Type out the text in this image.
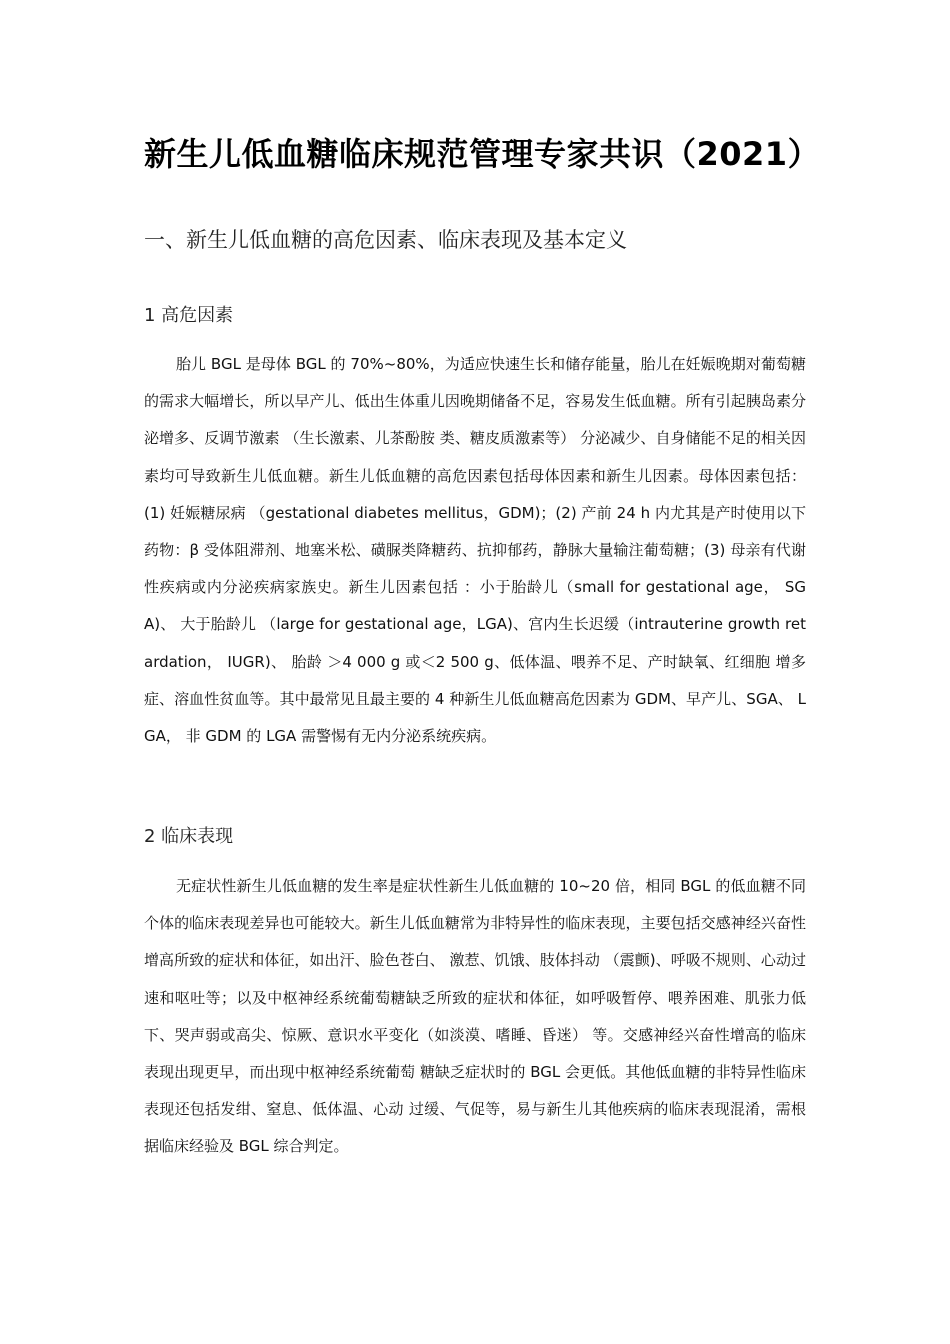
新生儿低血糖临床规范管理专家共识（2021）
一、新生儿低血糖的高危因素、临床表现及基本定义
1 高危因素

胎儿 BGL 是母体 BGL 的 70%~80%，为适应快速生长和储存能量，胎儿在妊娠晚期对葡萄糖的需求大幅增长，所以早产儿、低出生体重儿因晚期储备不足，容易发生低血糖。所有引起胰岛素分泌增多、反调节激素 （生长激素、儿茶酚胺 类、糖皮质激素等） 分泌减少、自身储能不足的相关因素均可导致新生儿低血糖。新生儿低血糖的高危因素包括母体因素和新生儿因素。母体因素包括：(1) 妊娠糖尿病 （gestational diabetes mellitus，GDM)；(2) 产前 24 h 内尤其是产时使用以下药物：β 受体阻滞剂、地塞米松、磺脲类降糖药、抗抑郁药，静脉大量输注葡萄糖；(3) 母亲有代谢性疾病或内分泌疾病家族史。新生儿因素包括 ：小于胎龄儿（small for gestational age， SGA)、 大于胎龄儿 （large for gestational age，LGA)、宫内生长迟缓（intrauterine growth retardation， IUGR)、 胎龄 ＞4 000 g 或＜2 500 g、低体温、喂养不足、产时缺氧、红细胞 增多症、溶血性贫血等。其中最常见且最主要的 4 种新生儿低血糖高危因素为 GDM、早产儿、SGA、 LGA， 非 GDM 的 LGA 需警惕有无内分泌系统疾病。

2 临床表现

无症状性新生儿低血糖的发生率是症状性新生儿低血糖的 10~20 倍，相同 BGL 的低血糖不同个体的临床表现差异也可能较大。新生儿低血糖常为非特异性的临床表现，主要包括交感神经兴奋性增高所致的症状和体征，如出汗、脸色苍白、 激惹、饥饿、肢体抖动 （震颤)、呼吸不规则、心动过速和呕吐等；以及中枢神经系统葡萄糖缺乏所致的症状和体征，如呼吸暂停、喂养困难、肌张力低下、哭声弱或高尖、惊厥、意识水平变化（如淡漠、嗜睡、昏迷） 等。交感神经兴奋性增高的临床表现出现更早，而出现中枢神经系统葡萄 糖缺乏症状时的 BGL 会更低。其他低血糖的非特异性临床表现还包括发绀、窒息、低体温、心动 过缓、气促等，易与新生儿其他疾病的临床表现混淆，需根据临床经验及 BGL 综合判定。
